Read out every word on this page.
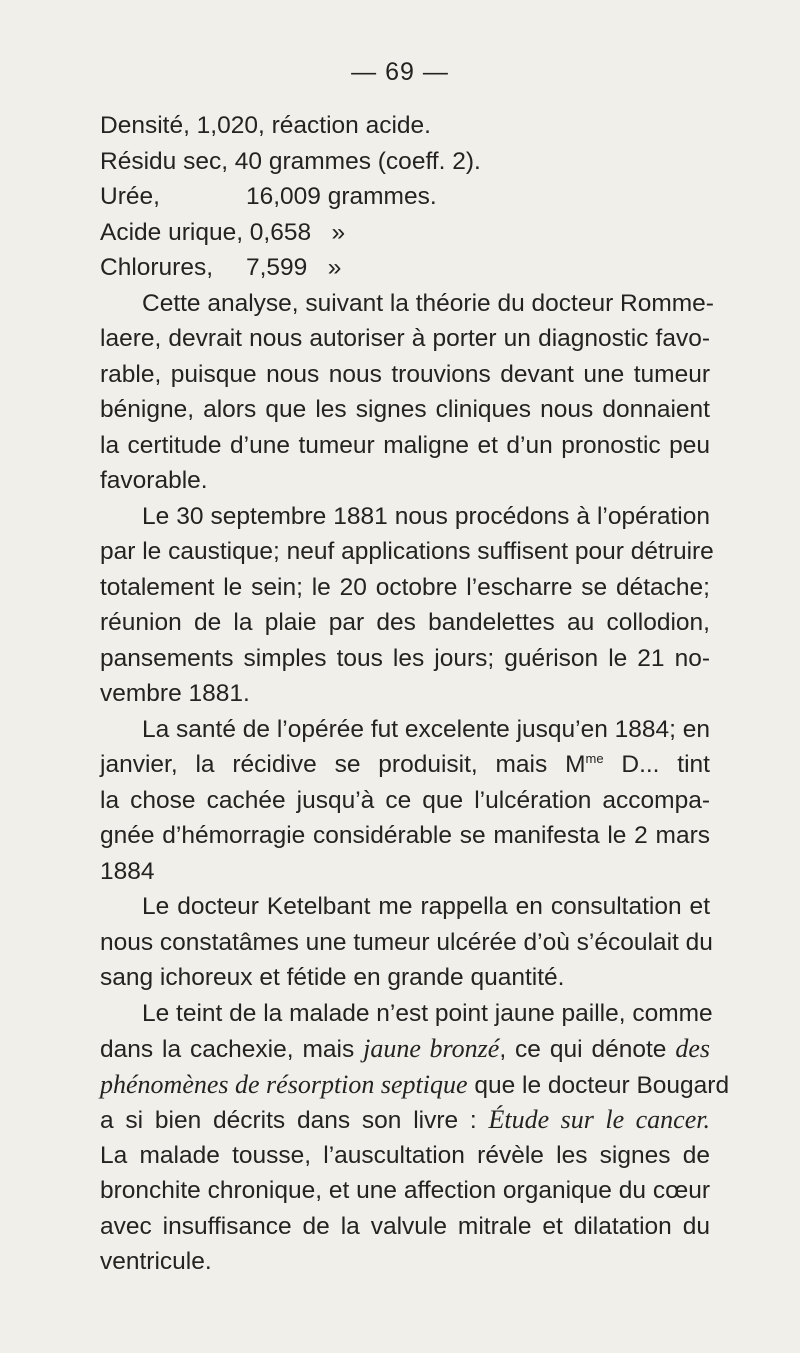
— 69 —
Densité, 1,020, réaction acide.
Résidu sec, 40 grammes (coeff. 2).
Urée,	16,009 grammes.
Acide urique, 0,658   »
Chlorures, 7,599   »
Cette analyse, suivant la théorie du docteur Romme-
laere, devrait nous autoriser à porter un diagnostic favo-
rable, puisque nous nous trouvions devant une tumeur
bénigne, alors que les signes cliniques nous donnaient
la certitude d’une tumeur maligne et d’un pronostic peu
favorable.
Le 30 septembre 1881 nous procédons à l’opération
par le caustique; neuf applications suffisent pour détruire
totalement le sein; le 20 octobre l’escharre se détache;
réunion de la plaie par des bandelettes au collodion,
pansements simples tous les jours; guérison le 21 no-
vembre 1881.
La santé de l’opérée fut excelente jusqu’en 1884; en
janvier, la récidive se produisit, mais $M^{me}$ D... tint
la chose cachée jusqu’à ce que l’ulcération accompa-
gnée d’hémorragie considérable se manifesta le 2 mars
1884
Le docteur Ketelbant me rappella en consultation et
nous constatâmes une tumeur ulcérée d’où s’écoulait du
sang ichoreux et fétide en grande quantité.
Le teint de la malade n’est point jaune paille, comme
dans la cachexie, mais jaune bronzé, ce qui dénote des
phénomènes de résorption septique que le docteur Bougard
a si bien décrits dans son livre : Étude sur le cancer.
La malade tousse, l’auscultation révèle les signes de
bronchite chronique, et une affection organique du cœur
avec insuffisance de la valvule mitrale et dilatation du
ventricule.
